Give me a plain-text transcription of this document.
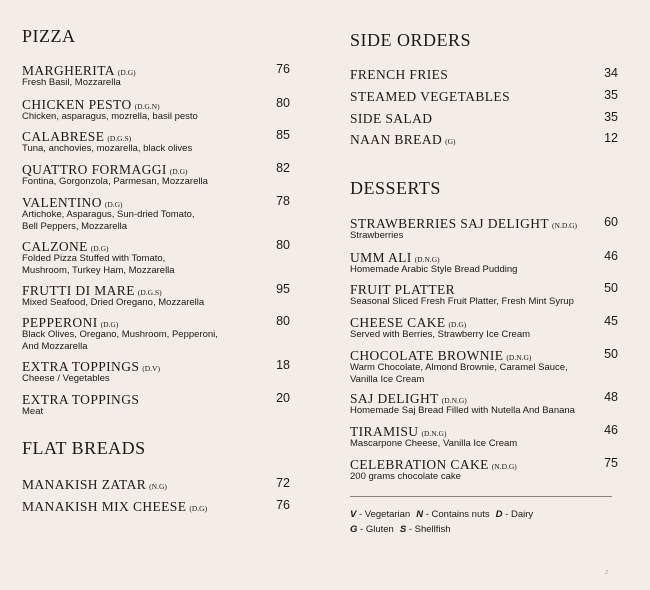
PIZZA
MARGHERITA (D.G)	76
Fresh Basil, Mozzarella
CHICKEN PESTO (D.G.N)	80
Chicken, asparagus, mozrella, basil pesto
CALABRESE (D.G.S)	85
Tuna, anchovies, mozarella, black olives
QUATTRO FORMAGGI (D.G)	82
Fontina, Gorgonzola, Parmesan, Mozzarella
VALENTINO (D.G)	78
Artichoke, Asparagus, Sun-dried Tomato,
Bell Peppers, Mozzarella
CALZONE (D.G)	80
Folded Pizza Stuffed with Tomato,
Mushroom, Turkey Ham, Mozzarella
FRUTTI DI MARE (D.G.S)	95
Mixed Seafood, Dried Oregano, Mozzarella
PEPPERONI (D.G)	80
Black Olives, Oregano, Mushroom, Pepperoni,
And Mozzarella
EXTRA TOPPINGS (D.V)	18
Cheese / Vegetables
EXTRA TOPPINGS	20
Meat
FLAT BREADS
MANAKISH ZATAR (N.G)	72
MANAKISH MIX CHEESE (D.G)	76
SIDE ORDERS
FRENCH FRIES	34
STEAMED VEGETABLES	35
SIDE SALAD	35
NAAN BREAD (G)	12
DESSERTS
STRAWBERRIES SAJ DELIGHT (N.D.G) 60
Strawberries
UMM ALI (D.N.G)	46
Homemade Arabic Style Bread Pudding
FRUIT PLATTER	50
Seasonal Sliced Fresh Fruit Platter, Fresh Mint Syrup
CHEESE CAKE (D.G)	45
Served with Berries, Strawberry Ice Cream
CHOCOLATE BROWNIE (D.N.G)	50
Warm Chocolate, Almond Brownie, Caramel Sauce,
Vanilla Ice Cream
SAJ DELIGHT (D.N.G)	48
Homemade Saj Bread Filled with Nutella And Banana
TIRAMISU (D.N.G)	46
Mascarpone Cheese, Vanilla Ice Cream
CELEBRATION CAKE (N.D.G)	75
200 grams chocolate cake
V - Vegetarian N - Contains nuts D - Dairy
G - Gluten S - Shellfish
z
